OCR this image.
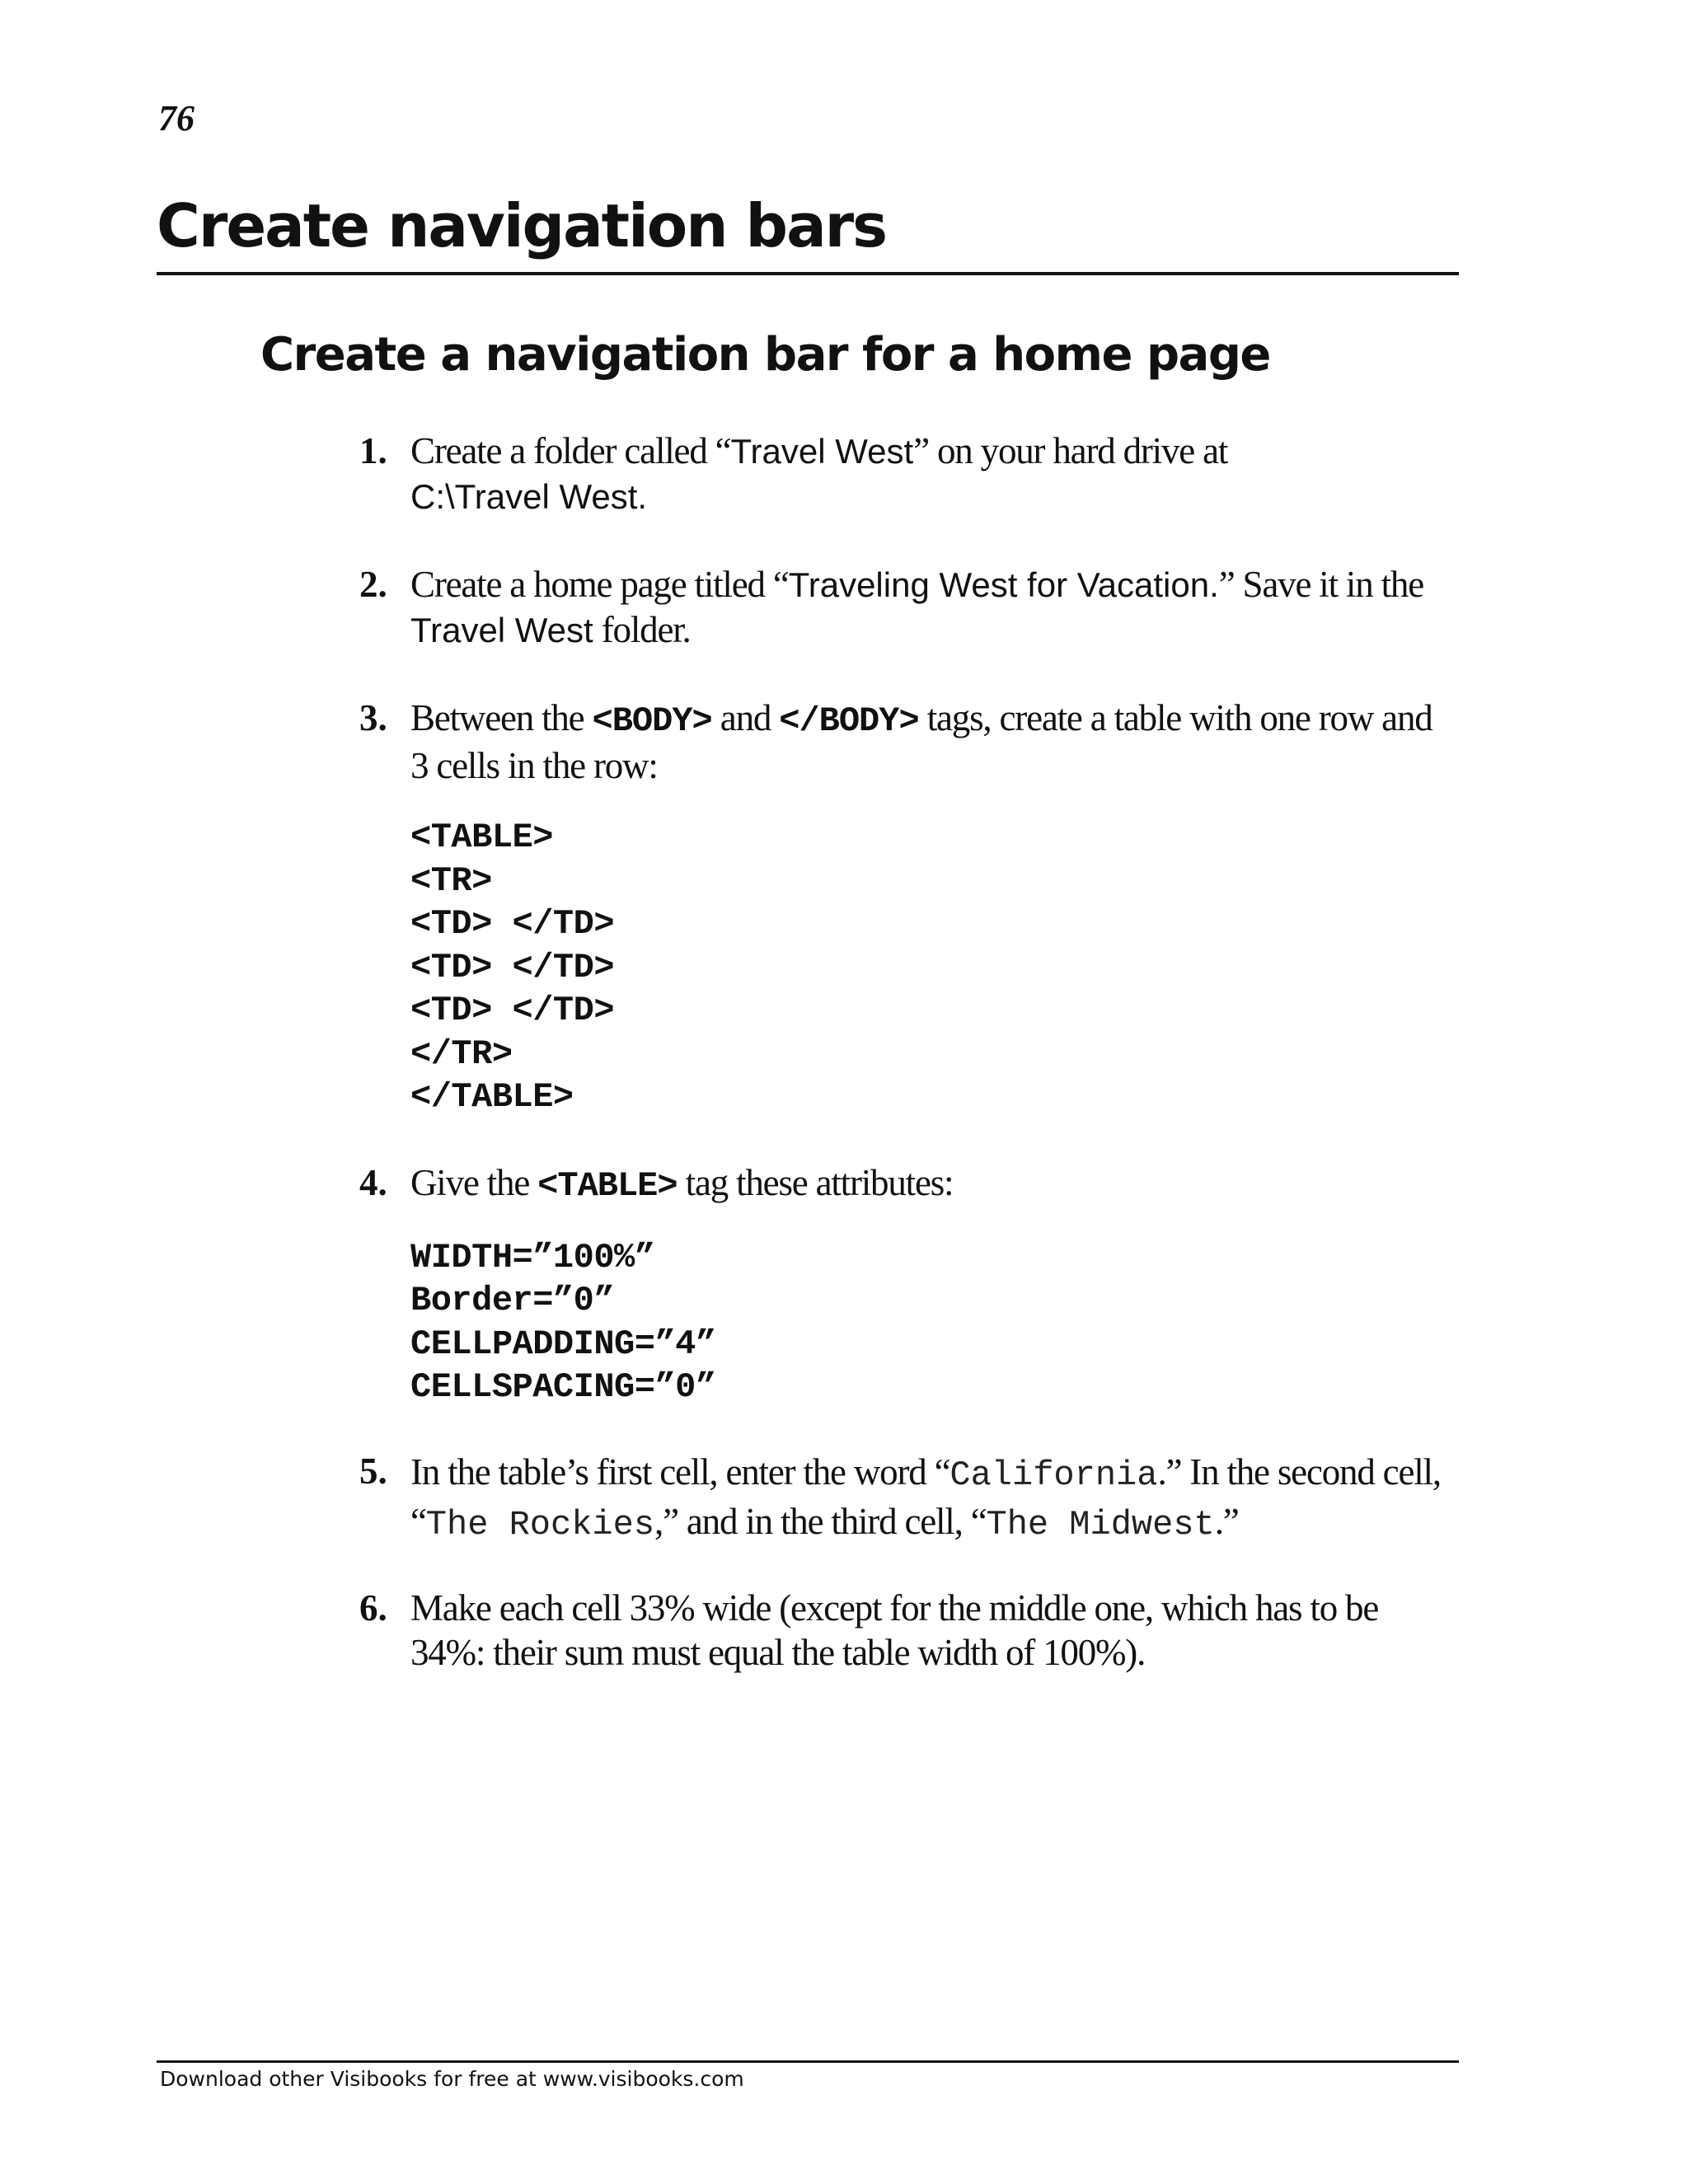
76
Create navigation bars
Create a navigation bar for a home page
1. Create a folder called “Travel West” on your hard drive at
C:\Travel West.
2. Create a home page titled “Traveling West for Vacation.” Save it in the Travel West folder.
3. Between the <BODY> and </BODY> tags, create a table with one row and 3 cells in the row:
<TABLE>
<TR>
<TD> </TD>
<TD> </TD>
<TD> </TD>
</TR>
</TABLE>
4. Give the <TABLE> tag these attributes:
WIDTH=”100%”
Border=”0”
CELLPADDING=”4”
CELLSPACING=”0”
5. In the table’s first cell, enter the word “California.” In the second cell, “The Rockies,” and in the third cell, “The Midwest.”
6. Make each cell 33% wide (except for the middle one, which has to be 34%: their sum must equal the table width of 100%).
Download other Visibooks for free at www.visibooks.com
